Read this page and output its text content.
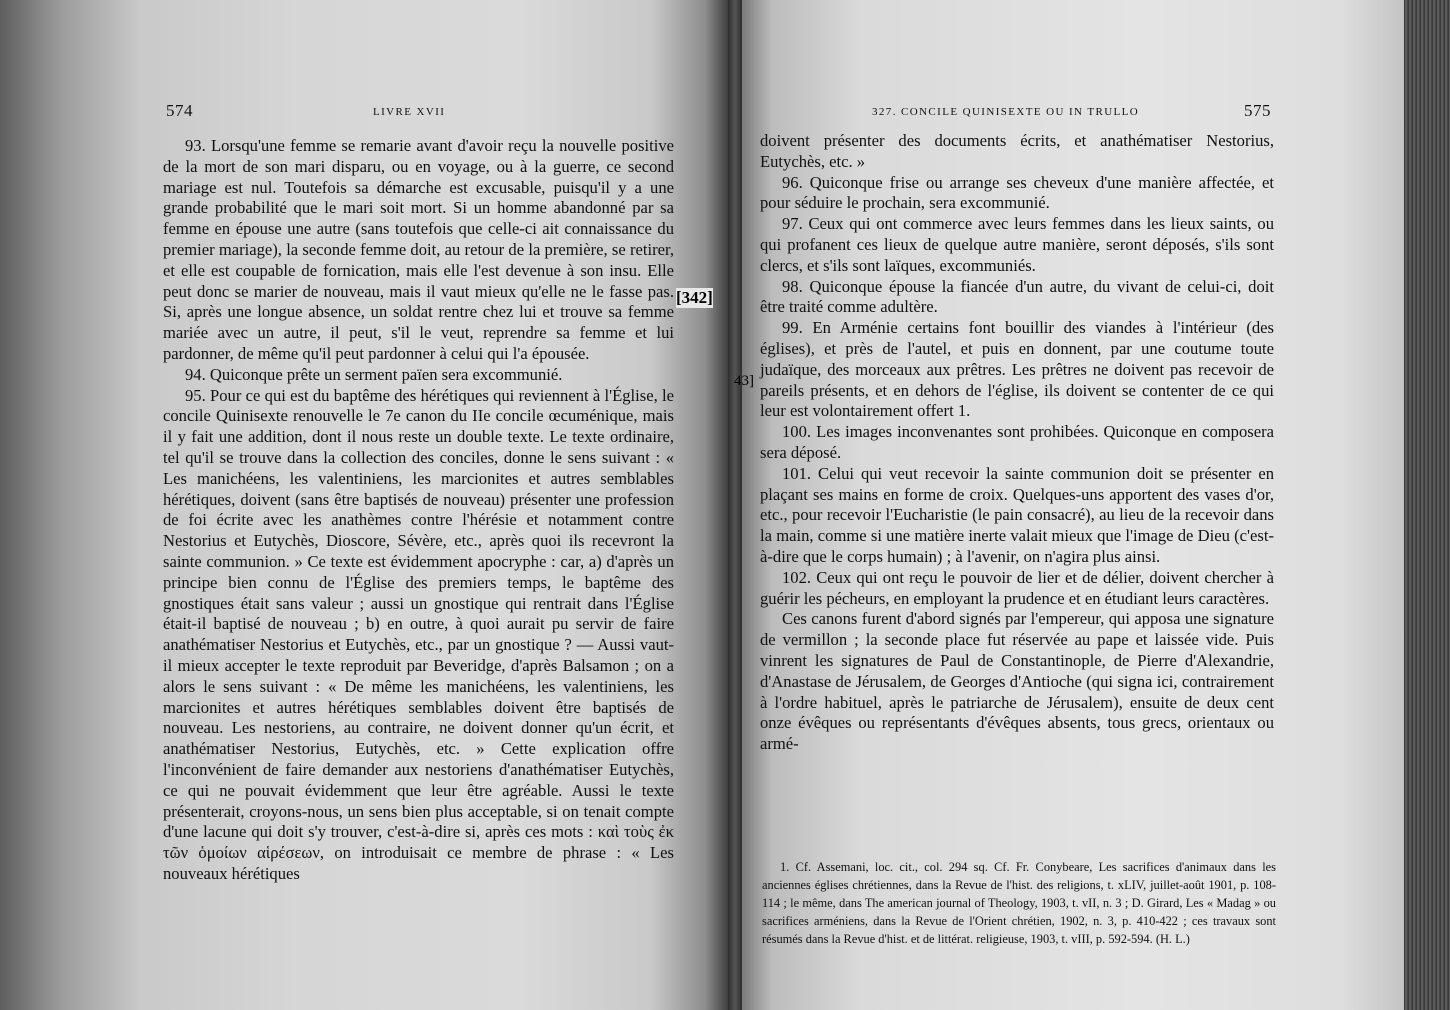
574	LIVRE XVII

93. Lorsqu'une femme se remarie avant d'avoir reçu la nouvelle positive de la mort de son mari disparu, ou en voyage, ou à la guerre, ce second mariage est nul. Toutefois sa démarche est excusable, puisqu'il y a une grande probabilité que le mari soit mort. Si un homme abandonné par sa femme en épouse une autre (sans toutefois que celle-ci ait connaissance du premier mariage), la seconde femme doit, au retour de la première, se retirer, et elle est coupable de fornication, mais elle l'est devenue à son insu. Elle peut donc se marier de nouveau, mais il vaut mieux qu'elle ne le fasse pas. Si, après une longue absence, un soldat rentre chez lui et trouve sa femme mariée avec un autre, il peut, s'il le veut, reprendre sa femme et lui pardonner, de même qu'il peut pardonner à celui qui l'a épousée.

94. Quiconque prête un serment païen sera excommunié.

95. Pour ce qui est du baptême des hérétiques qui reviennent à l'Église, le concile Quinisexte renouvelle le 7e canon du IIe concile œcuménique, mais il y fait une addition, dont il nous reste un double texte. Le texte ordinaire, tel qu'il se trouve dans la collection des conciles, donne le sens suivant : « Les manichéens, les valentiniens, les marcionites et autres semblables hérétiques, doivent (sans être baptisés de nouveau) présenter une profession de foi écrite avec les anathèmes contre l'hérésie et notamment contre Nestorius et Eutychès, Dioscore, Sévère, etc., après quoi ils recevront la sainte communion. » Ce texte est évidemment apocryphe : car, a) d'après un principe bien connu de l'Église des premiers temps, le baptême des gnostiques était sans valeur ; aussi un gnostique qui rentrait dans l'Église était-il baptisé de nouveau ; b) en outre, à quoi aurait pu servir de faire anathématiser Nestorius et Eutychès, etc., par un gnostique ? — Aussi vaut-il mieux accepter le texte reproduit par Beveridge, d'après Balsamon ; on a alors le sens suivant : « De même les manichéens, les valentiniens, les marcionites et autres hérétiques semblables doivent être baptisés de nouveau. Les nestoriens, au contraire, ne doivent donner qu'un écrit, et anathématiser Nestorius, Eutychès, etc. » Cette explication offre l'inconvénient de faire demander aux nestoriens d'anathématiser Eutychès, ce qui ne pouvait évidemment que leur être agréable. Aussi le texte présenterait, croyons-nous, un sens bien plus acceptable, si on tenait compte d'une lacune qui doit s'y trouver, c'est-à-dire si, après ces mots : καὶ τοὺς ἐκ τῶν ὁμοίων αἱρέσεων, on introduisait ce membre de phrase : « Les nouveaux hérétiques

[342]
327. CONCILE QUINISEXTE OU IN TRULLO	575
43]

doivent présenter des documents écrits, et anathématiser Nestorius, Eutychès, etc. »

96. Quiconque frise ou arrange ses cheveux d'une manière affectée, et pour séduire le prochain, sera excommunié.

97. Ceux qui ont commerce avec leurs femmes dans les lieux saints, ou qui profanent ces lieux de quelque autre manière, seront déposés, s'ils sont clercs, et s'ils sont laïques, excommuniés.

98. Quiconque épouse la fiancée d'un autre, du vivant de celui-ci, doit être traité comme adultère.

99. En Arménie certains font bouillir des viandes à l'intérieur (des églises), et près de l'autel, et puis en donnent, par une coutume toute judaïque, des morceaux aux prêtres. Les prêtres ne doivent pas recevoir de pareils présents, et en dehors de l'église, ils doivent se contenter de ce qui leur est volontairement offert 1.

100. Les images inconvenantes sont prohibées. Quiconque en composera sera déposé.

101. Celui qui veut recevoir la sainte communion doit se présenter en plaçant ses mains en forme de croix. Quelques-uns apportent des vases d'or, etc., pour recevoir l'Eucharistie (le pain consacré), au lieu de la recevoir dans la main, comme si une matière inerte valait mieux que l'image de Dieu (c'est-à-dire que le corps humain) ; à l'avenir, on n'agira plus ainsi.

102. Ceux qui ont reçu le pouvoir de lier et de délier, doivent chercher à guérir les pécheurs, en employant la prudence et en étudiant leurs caractères.

Ces canons furent d'abord signés par l'empereur, qui apposa une signature de vermillon ; la seconde place fut réservée au pape et laissée vide. Puis vinrent les signatures de Paul de Constantinople, de Pierre d'Alexandrie, d'Anastase de Jérusalem, de Georges d'Antioche (qui signa ici, contrairement à l'ordre habituel, après le patriarche de Jérusalem), ensuite de deux cent onze évêques ou représentants d'évêques absents, tous grecs, orientaux ou armé-

1. Cf. Assemani, loc. cit., col. 294 sq. Cf. Fr. Conybeare, Les sacrifices d'animaux dans les anciennes églises chrétiennes, dans la Revue de l'hist. des religions, t. xLIV, juillet-août 1901, p. 108-114 ; le même, dans The american journal of Theology, 1903, t. vII, n. 3 ; D. Girard, Les « Madag » ou sacrifices arméniens, dans la Revue de l'Orient chrétien, 1902, n. 3, p. 410-422 ; ces travaux sont résumés dans la Revue d'hist. et de littérat. religieuse, 1903, t. vIII, p. 592-594. (H. L.)
